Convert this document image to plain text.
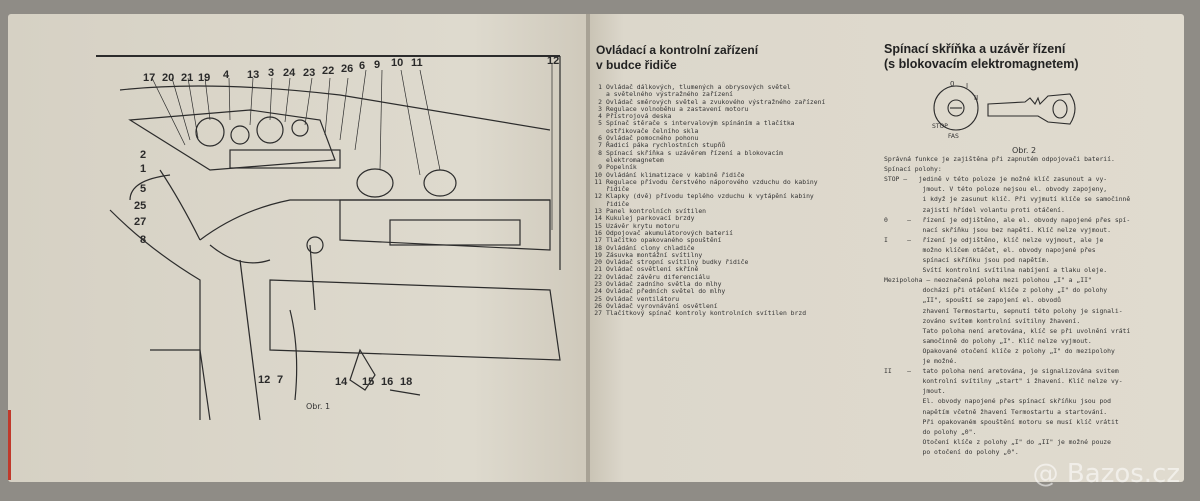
17 20 21 19 4 13 3 24 23 22 26 6 9 10 11	12
2
1
5
25
27
8
12 7	14 15 16 18
Obr. 1
Ovládací a kontrolní zařízení
v budce řidiče
1 Ovládač dálkových, tlumených a obrysových světel
a světelného výstražného zařízení
2 Ovládač směrových světel a zvukového výstražného zařízení
3 Regulace volnoběhu a zastavení motoru
4 Přístrojová deska
5 Spínač stěrače s intervalovým spínáním a tlačítka
ostřikovače čelního skla
6 Ovládač pomocného pohonu
7 Řadicí páka rychlostních stupňů
8 Spínací skříňka s uzávěrem řízení a blokovacím
elektromagnetem
9 Popelník
10 Ovládání klimatizace v kabině řidiče
11 Regulace přívodu čerstvého náporového vzduchu do kabiny
řidiče
12 Klapky (dvě) přívodu teplého vzduchu k vytápění kabiny
řidiče
13 Panel kontrolních svítilen
14 Kukulej parkovací brzdy
15 Uzávěr krytu motoru
16 Odpojovač akumulátorových baterií
17 Tlačítko opakovaného spouštění
18 Ovládání clony chladiče
19 Zásuvka montážní svítilny
20 Ovládač stropní svítilny budky řidiče
21 Ovládač osvětlení skříně
22 Ovládač závěru diferenciálu
23 Ovládač zadního světla do mlhy
24 Ovládač předních světel do mlhy
25 Ovládač ventilátoru
26 Ovládač vyrovnávání osvětlení
27 Tlačítkový spínač kontroly kontrolních svítilen brzd
Spínací skříňka a uzávěr řízení
(s blokovacím elektromagnetem)
0 I
II
STOP
FAS
Obr. 2
Správná funkce je zajištěna při zapnutém odpojovači baterií.
Spínací polohy:
STOP –   jedině v této poloze je možné klíč zasunout a vy-
jmout. V této poloze nejsou el. obvody zapojeny,
i když je zasunut klíč. Při vyjmutí klíče se samočinně
zajistí hřídel volantu proti otáčení.
0     –   řízení je odjištěno, ale el. obvody napojené přes spí-
nací skříňku jsou bez napětí. Klíč nelze vyjmout.
I     –   řízení je odjištěno, klíč nelze vyjmout, ale je
možno klíčem otáčet, el. obvody napojené přes
spínací skříňku jsou pod napětím.
Svítí kontrolní svítilna nabíjení a tlaku oleje.
Mezipoloha – neoznačená poloha mezi polohou „I" a „II"
dochází při otáčení klíče z polohy „I" do polohy
„II", spouští se zapojení el. obvodů
zhavení Termostartu, sepnutí této polohy je signali-
zováno svítem kontrolní svítilny žhavení.
Tato poloha není aretována, klíč se při uvolnění vrátí
samočinně do polohy „I". Klíč nelze vyjmout.
Opakované otočení klíče z polohy „I" do mezipolohy
je možné.
II    –   tato poloha není aretována, je signalizována svitem
kontrolní svítilny „start" i žhavení. Klíč nelze vy-
jmout.
El. obvody napojené přes spínací skříňku jsou pod
napětím včetně žhavení Termostartu a startování.
Při opakovaném spouštění motoru se musí klíč vrátit
do polohy „0".
Otočení klíče z polohy „I" do „II" je možné pouze
po otočení do polohy „0".
@ Bazos.cz
